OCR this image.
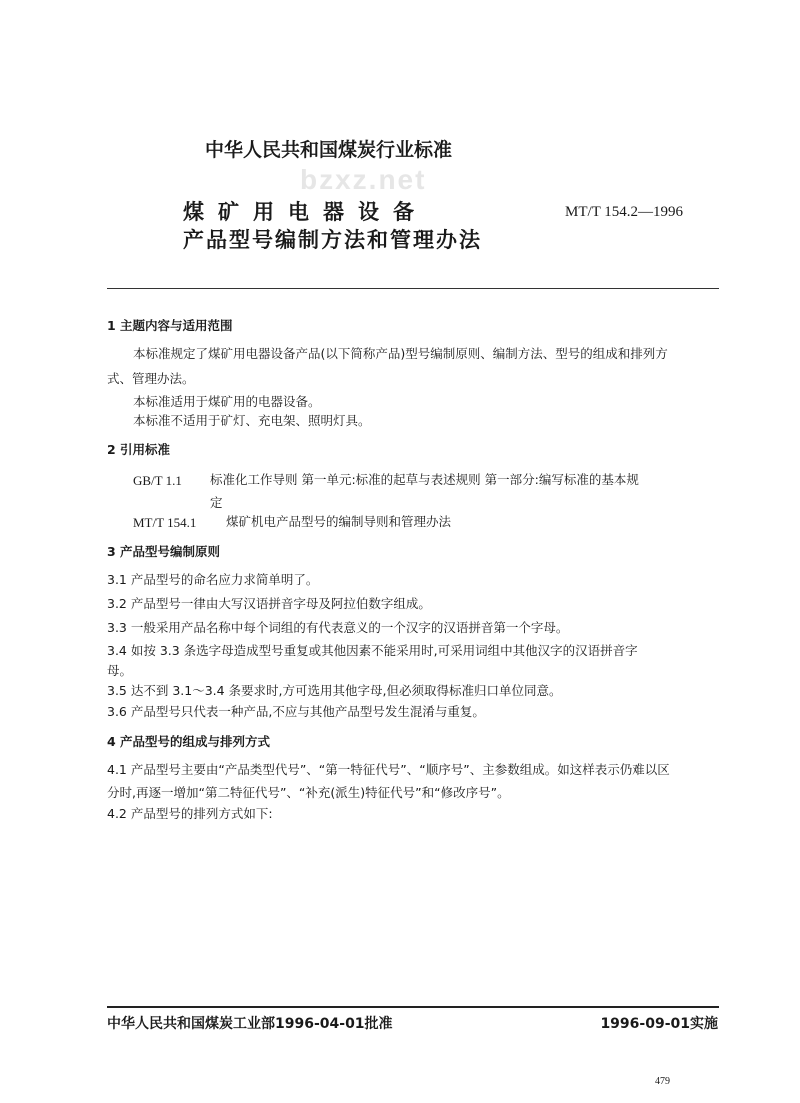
bzxz.net
中华人民共和国煤炭行业标准
煤矿用电器设备
产品型号编制方法和管理办法
MT/T 154.2—1996
1 主题内容与适用范围
本标准规定了煤矿用电器设备产品(以下简称产品)型号编制原则、编制方法、型号的组成和排列方
式、管理办法。
本标准适用于煤矿用的电器设备。
本标准不适用于矿灯、充电架、照明灯具。
2 引用标准
GB/T 1.1 标准化工作导则 第一单元:标准的起草与表述规则 第一部分:编写标准的基本规
定
MT/T 154.1 煤矿机电产品型号的编制导则和管理办法
3 产品型号编制原则
3.1 产品型号的命名应力求简单明了。
3.2 产品型号一律由大写汉语拼音字母及阿拉伯数字组成。
3.3 一般采用产品名称中每个词组的有代表意义的一个汉字的汉语拼音第一个字母。
3.4 如按 3.3 条选字母造成型号重复或其他因素不能采用时,可采用词组中其他汉字的汉语拼音字
母。
3.5 达不到 3.1～3.4 条要求时,方可选用其他字母,但必须取得标准归口单位同意。
3.6 产品型号只代表一种产品,不应与其他产品型号发生混淆与重复。
4 产品型号的组成与排列方式
4.1 产品型号主要由“产品类型代号”、“第一特征代号”、“顺序号”、主参数组成。如这样表示仍难以区
分时,再逐一增加“第二特征代号”、“补充(派生)特征代号”和“修改序号”。
4.2 产品型号的排列方式如下:
中华人民共和国煤炭工业部1996-04-01批准	1996-09-01实施
479
